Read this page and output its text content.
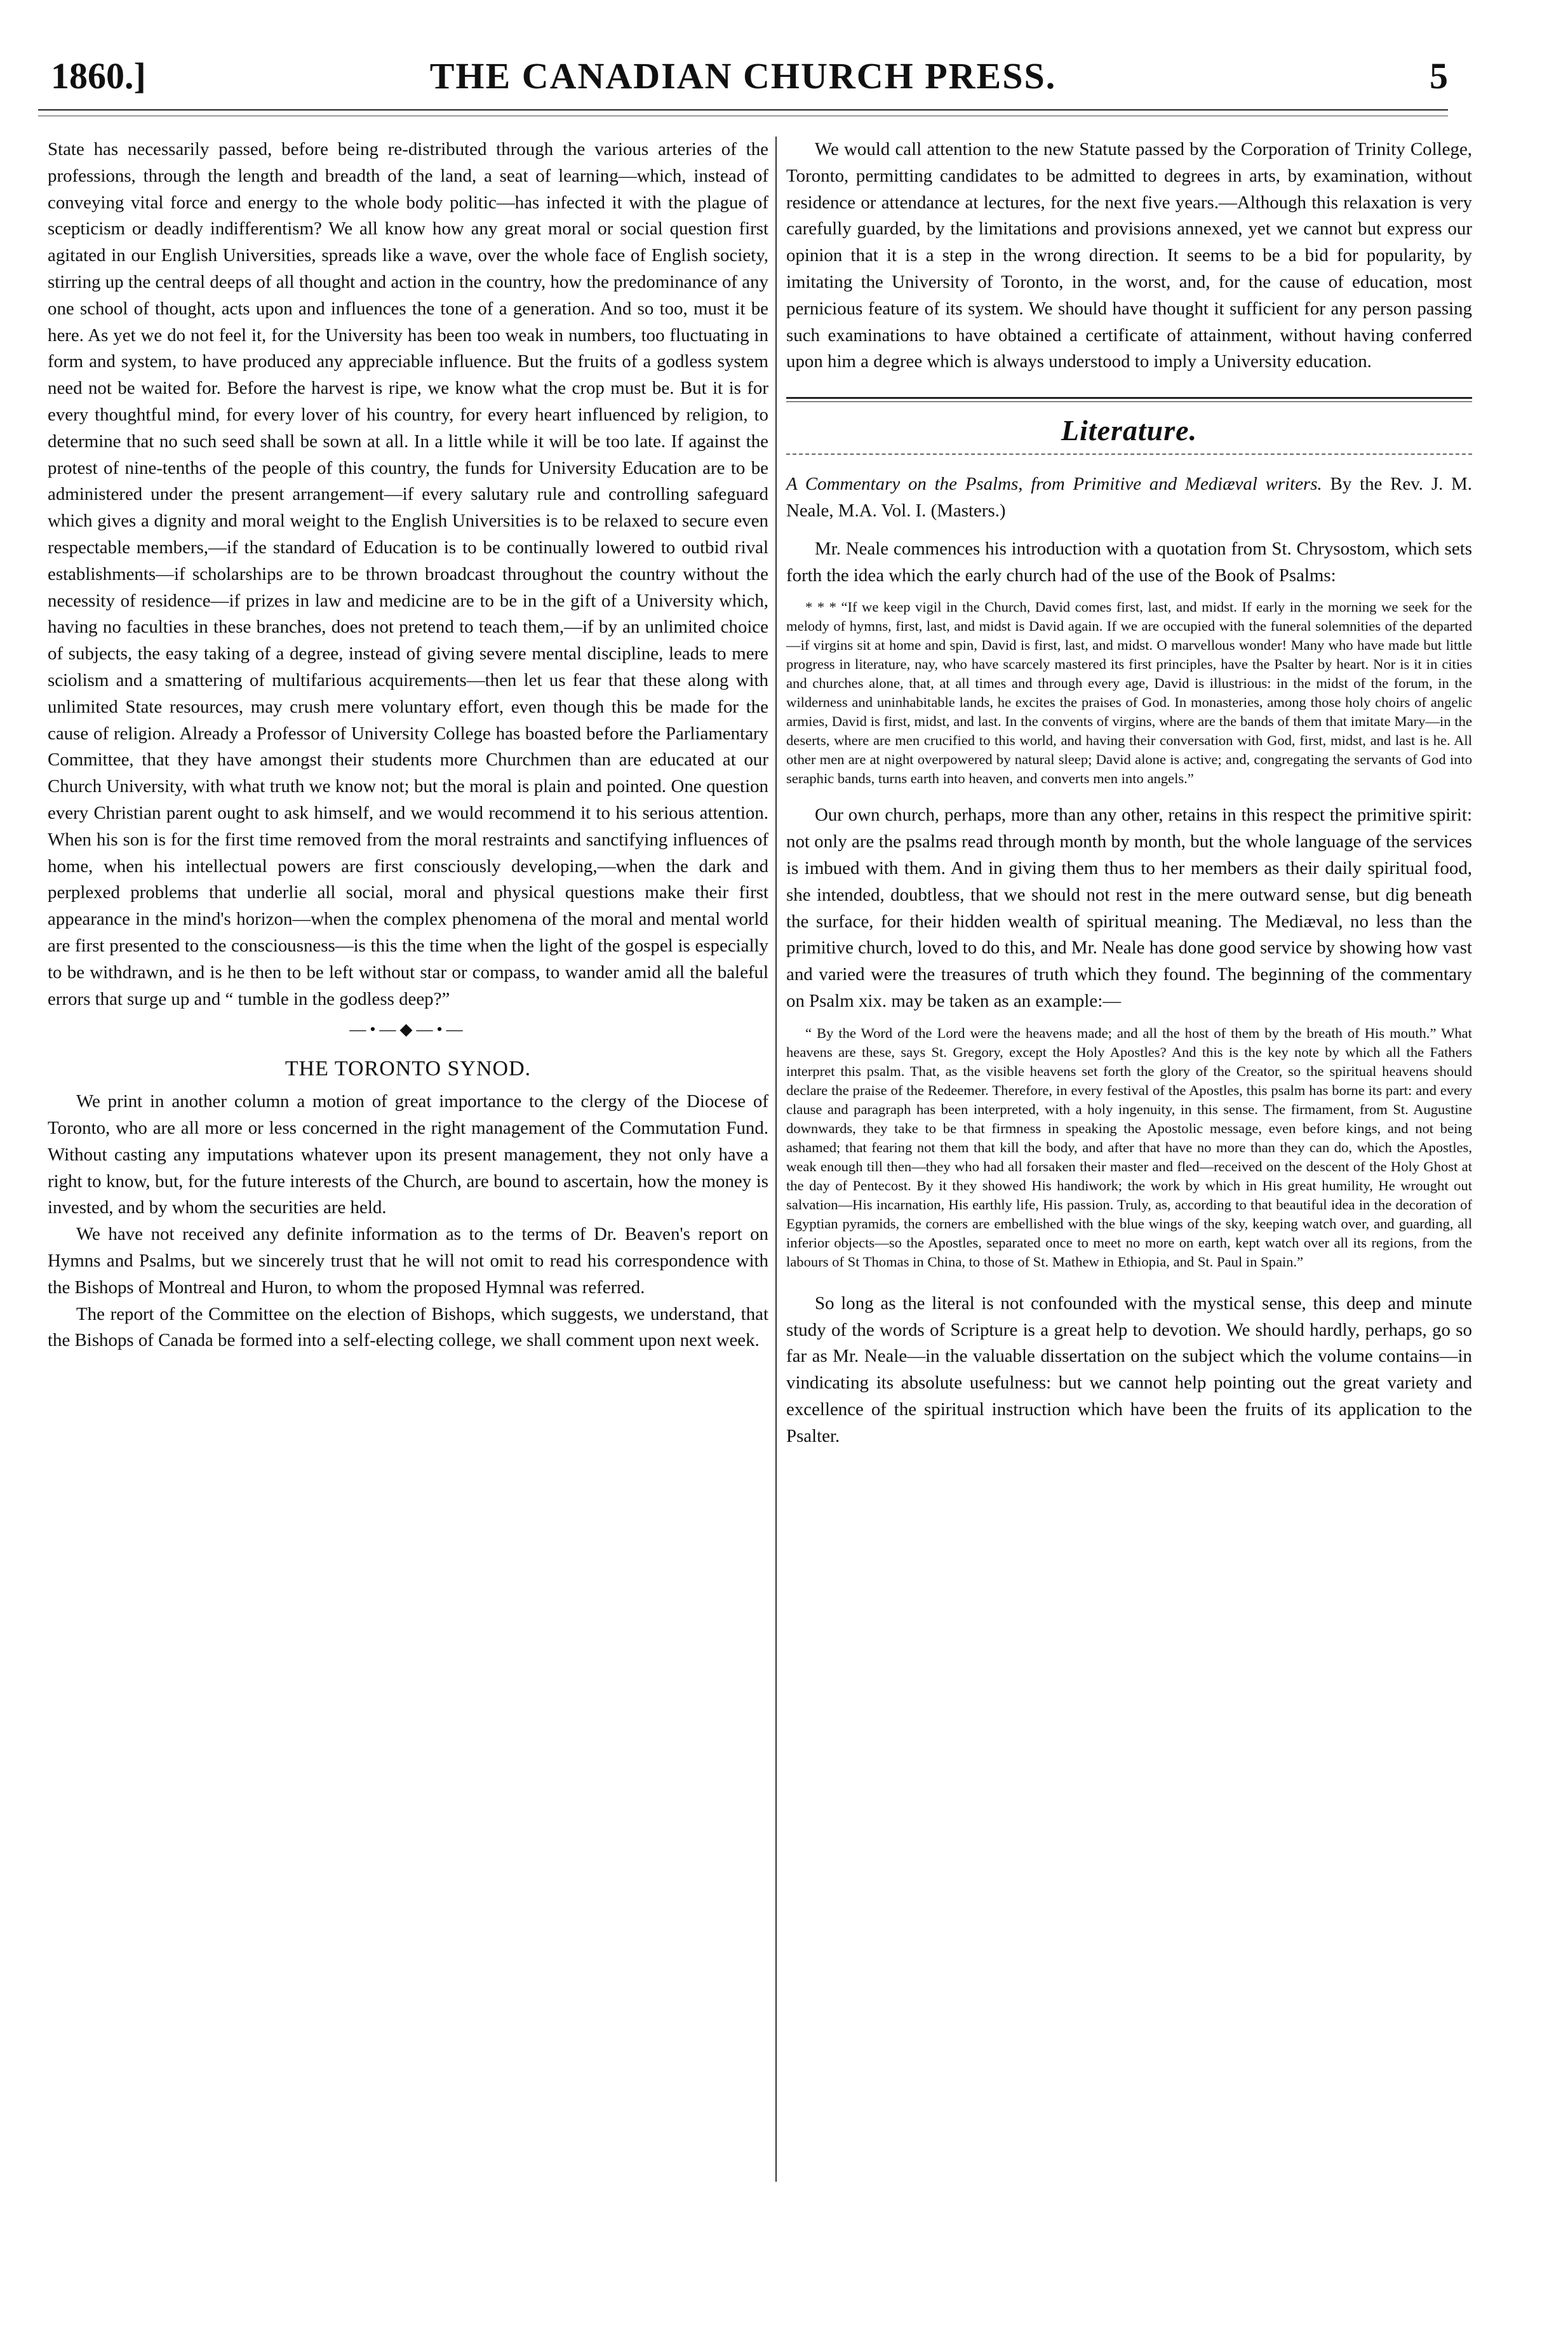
1860.]	THE CANADIAN CHURCH PRESS.	5

State has necessarily passed, before being re-distributed through the various arteries of the professions, through the length and breadth of the land, a seat of learning—which, instead of conveying vital force and energy to the whole body politic—has infected it with the plague of scepticism or deadly indifferentism? We all know how any great moral or social question first agitated in our English Universities, spreads like a wave, over the whole face of English society, stirring up the central deeps of all thought and action in the country, how the predominance of any one school of thought, acts upon and influences the tone of a generation. And so too, must it be here. As yet we do not feel it, for the University has been too weak in numbers, too fluctuating in form and system, to have produced any appreciable influence. But the fruits of a godless system need not be waited for. Before the harvest is ripe, we know what the crop must be. But it is for every thoughtful mind, for every lover of his country, for every heart influenced by religion, to determine that no such seed shall be sown at all. In a little while it will be too late. If against the protest of nine-tenths of the people of this country, the funds for University Education are to be administered under the present arrangement—if every salutary rule and controlling safeguard which gives a dignity and moral weight to the English Universities is to be relaxed to secure even respectable members,—if the standard of Education is to be continually lowered to outbid rival establishments—if scholarships are to be thrown broadcast throughout the country without the necessity of residence—if prizes in law and medicine are to be in the gift of a University which, having no faculties in these branches, does not pretend to teach them,—if by an unlimited choice of subjects, the easy taking of a degree, instead of giving severe mental discipline, leads to mere sciolism and a smattering of multifarious acquirements—then let us fear that these along with unlimited State resources, may crush mere voluntary effort, even though this be made for the cause of religion. Already a Professor of University College has boasted before the Parliamentary Committee, that they have amongst their students more Churchmen than are educated at our Church University, with what truth we know not; but the moral is plain and pointed. One question every Christian parent ought to ask himself, and we would recommend it to his serious attention. When his son is for the first time removed from the moral restraints and sanctifying influences of home, when his intellectual powers are first consciously developing,—when the dark and perplexed problems that underlie all social, moral and physical questions make their first appearance in the mind's horizon—when the complex phenomena of the moral and mental world are first presented to the consciousness—is this the time when the light of the gospel is especially to be withdrawn, and is he then to be left without star or compass, to wander amid all the baleful errors that surge up and “ tumble in the godless deep?”

—•—◆—•—
THE TORONTO SYNOD.

We print in another column a motion of great importance to the clergy of the Diocese of Toronto, who are all more or less concerned in the right management of the Commutation Fund. Without casting any imputations whatever upon its present management, they not only have a right to know, but, for the future interests of the Church, are bound to ascertain, how the money is invested, and by whom the securities are held.

We have not received any definite information as to the terms of Dr. Beaven's report on Hymns and Psalms, but we sincerely trust that he will not omit to read his correspondence with the Bishops of Montreal and Huron, to whom the proposed Hymnal was referred.

The report of the Committee on the election of Bishops, which suggests, we understand, that the Bishops of Canada be formed into a self-electing college, we shall comment upon next week.

We would call attention to the new Statute passed by the Corporation of Trinity College, Toronto, permitting candidates to be admitted to degrees in arts, by examination, without residence or attendance at lectures, for the next five years.—Although this relaxation is very carefully guarded, by the limitations and provisions annexed, yet we cannot but express our opinion that it is a step in the wrong direction. It seems to be a bid for popularity, by imitating the University of Toronto, in the worst, and, for the cause of education, most pernicious feature of its system. We should have thought it sufficient for any person passing such examinations to have obtained a certificate of attainment, without having conferred upon him a degree which is always understood to imply a University education.

Literature.

A Commentary on the Psalms, from Primitive and Mediæval writers. By the Rev. J. M. Neale, M.A. Vol. I. (Masters.)

Mr. Neale commences his introduction with a quotation from St. Chrysostom, which sets forth the idea which the early church had of the use of the Book of Psalms:

* * * “If we keep vigil in the Church, David comes first, last, and midst. If early in the morning we seek for the melody of hymns, first, last, and midst is David again. If we are occupied with the funeral solemnities of the departed—if virgins sit at home and spin, David is first, last, and midst. O marvellous wonder! Many who have made but little progress in literature, nay, who have scarcely mastered its first principles, have the Psalter by heart. Nor is it in cities and churches alone, that, at all times and through every age, David is illustrious: in the midst of the forum, in the wilderness and uninhabitable lands, he excites the praises of God. In monasteries, among those holy choirs of angelic armies, David is first, midst, and last. In the convents of virgins, where are the bands of them that imitate Mary—in the deserts, where are men crucified to this world, and having their conversation with God, first, midst, and last is he. All other men are at night overpowered by natural sleep; David alone is active; and, congregating the servants of God into seraphic bands, turns earth into heaven, and converts men into angels.”

Our own church, perhaps, more than any other, retains in this respect the primitive spirit: not only are the psalms read through month by month, but the whole language of the services is imbued with them. And in giving them thus to her members as their daily spiritual food, she intended, doubtless, that we should not rest in the mere outward sense, but dig beneath the surface, for their hidden wealth of spiritual meaning. The Mediæval, no less than the primitive church, loved to do this, and Mr. Neale has done good service by showing how vast and varied were the treasures of truth which they found. The beginning of the commentary on Psalm xix. may be taken as an example:—

“ By the Word of the Lord were the heavens made; and all the host of them by the breath of His mouth.” What heavens are these, says St. Gregory, except the Holy Apostles? And this is the key note by which all the Fathers interpret this psalm. That, as the visible heavens set forth the glory of the Creator, so the spiritual heavens should declare the praise of the Redeemer. Therefore, in every festival of the Apostles, this psalm has borne its part: and every clause and paragraph has been interpreted, with a holy ingenuity, in this sense. The firmament, from St. Augustine downwards, they take to be that firmness in speaking the Apostolic message, even before kings, and not being ashamed; that fearing not them that kill the body, and after that have no more than they can do, which the Apostles, weak enough till then—they who had all forsaken their master and fled—received on the descent of the Holy Ghost at the day of Pentecost. By it they showed His handiwork; the work by which in His great humility, He wrought out salvation—His incarnation, His earthly life, His passion. Truly, as, according to that beautiful idea in the decoration of Egyptian pyramids, the corners are embellished with the blue wings of the sky, keeping watch over, and guarding, all inferior objects—so the Apostles, separated once to meet no more on earth, kept watch over all its regions, from the labours of St Thomas in China, to those of St. Mathew in Ethiopia, and St. Paul in Spain.”

So long as the literal is not confounded with the mystical sense, this deep and minute study of the words of Scripture is a great help to devotion. We should hardly, perhaps, go so far as Mr. Neale—in the valuable dissertation on the subject which the volume contains—in vindicating its absolute usefulness: but we cannot help pointing out the great variety and excellence of the spiritual instruction which have been the fruits of its application to the Psalter.
